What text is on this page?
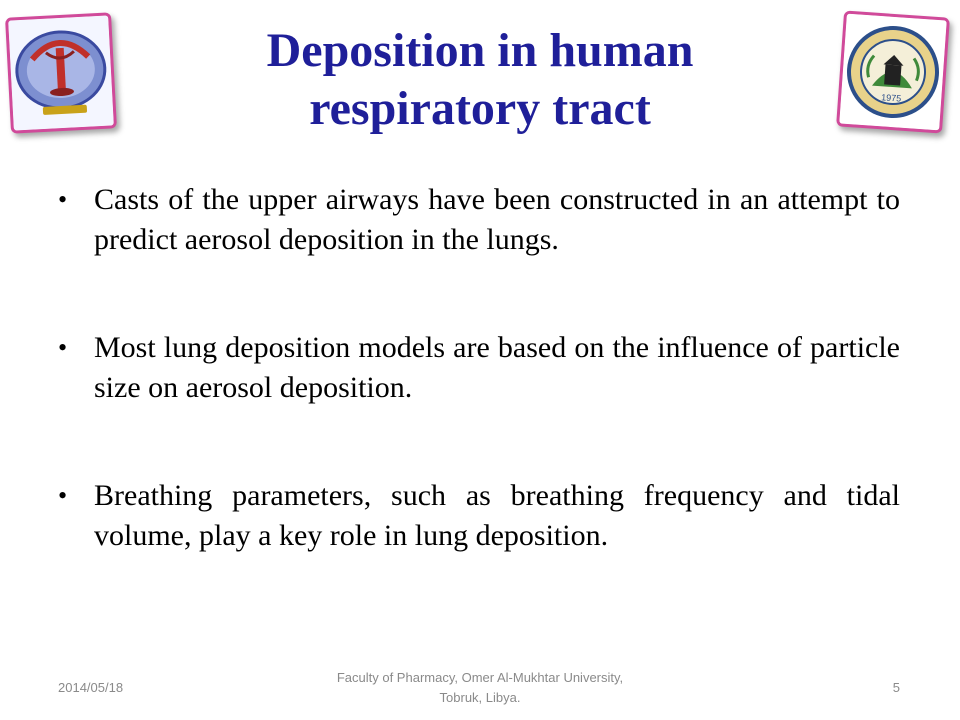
1975
Deposition in human
respiratory tract
• Casts of the upper airways have been constructed in an attempt to predict aerosol deposition in the lungs.
• Most lung deposition models are based on the influence of particle size on aerosol deposition.
• Breathing parameters, such as breathing frequency and tidal volume, play a key role in lung deposition.
2014/05/18
Faculty of Pharmacy, Omer Al-Mukhtar University,
Tobruk, Libya.
5
